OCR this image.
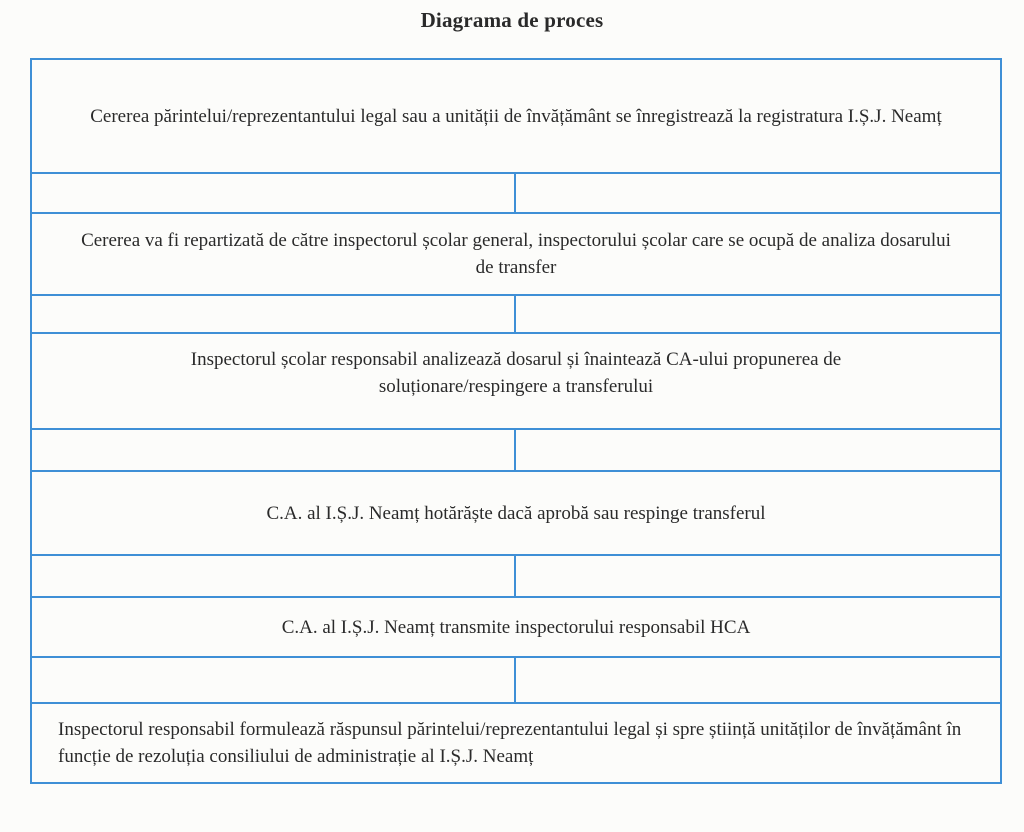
Diagrama de proces
Cererea părintelui/reprezentantului legal sau a unității de învățământ se înregistrează la registratura I.Ș.J. Neamț
Cererea va fi repartizată de către inspectorul școlar general, inspectorului școlar care se ocupă de analiza dosarului de transfer
Inspectorul școlar responsabil analizează dosarul și înaintează CA-ului propunerea de soluționare/respingere a transferului
C.A. al I.Ș.J. Neamț hotărăște dacă aprobă sau respinge transferul
C.A. al I.Ș.J. Neamț transmite inspectorului responsabil HCA
Inspectorul responsabil formulează răspunsul părintelui/reprezentantului legal și spre știință unităților de învățământ în funcție de rezoluția consiliului de administrație al I.Ș.J. Neamț
